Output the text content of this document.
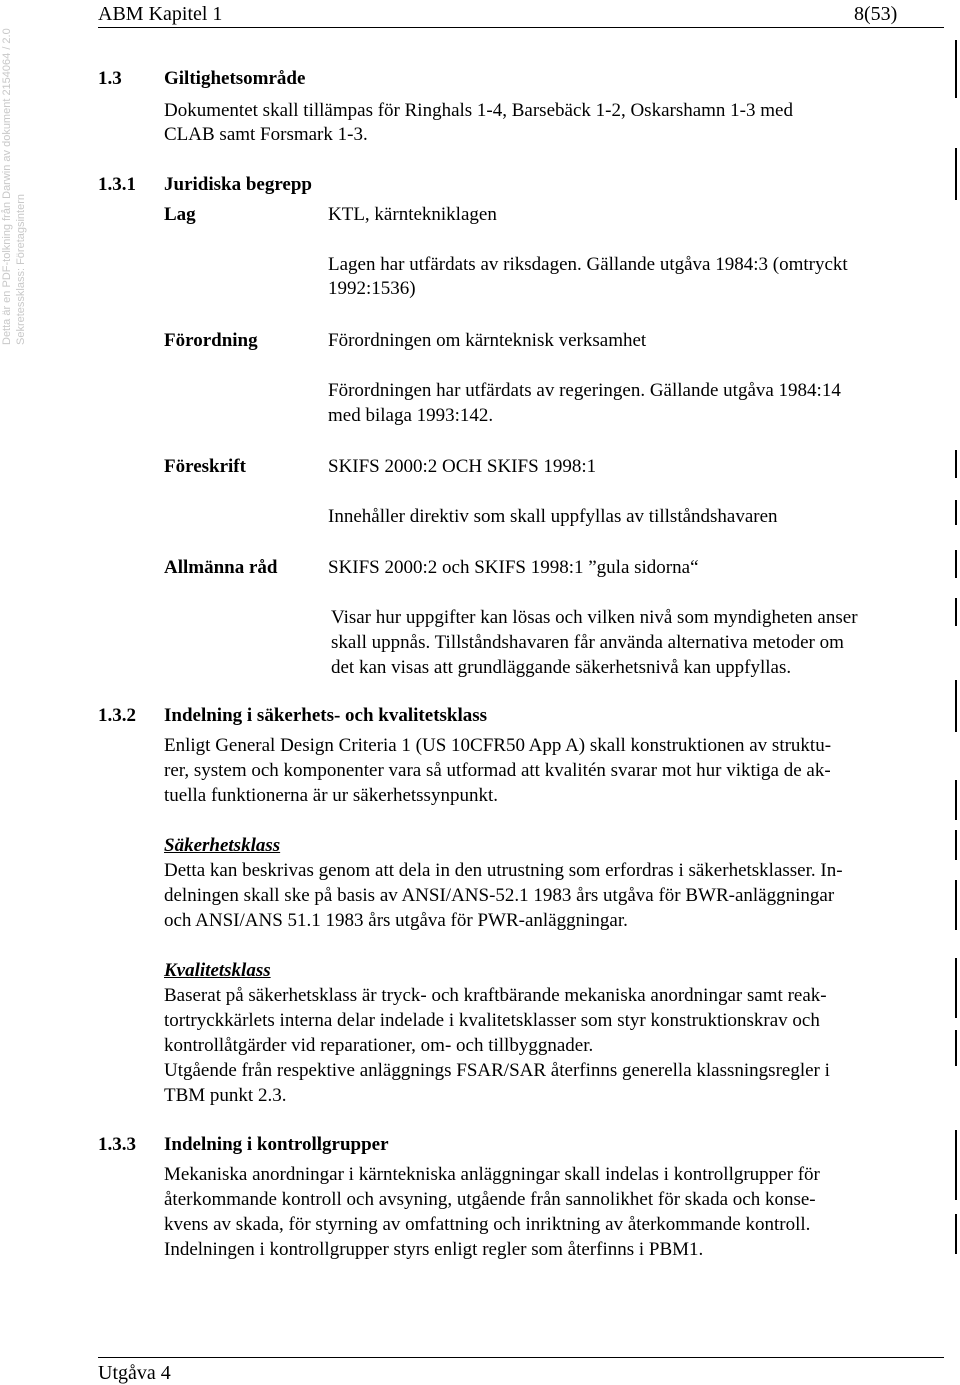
Detta är en PDF-tolkning från Darwin av dokument 2154064 / 2.0 Sekretessklass: Företagsintern
ABM Kapitel 1	8(53)
1.3 Giltighetsområde
Dokumentet skall tillämpas för Ringhals 1-4, Barsebäck 1-2, Oskarshamn 1-3 med
CLAB samt Forsmark 1-3.
1.3.1 Juridiska begrepp
Lag	KTL, kärntekniklagen
Lagen har utfärdats av riksdagen. Gällande utgåva 1984:3 (omtryckt
1992:1536)
Förordning	Förordningen om kärnteknisk verksamhet
Förordningen har utfärdats av regeringen. Gällande utgåva 1984:14
med bilaga 1993:142.
Föreskrift	SKIFS 2000:2 OCH SKIFS 1998:1
Innehåller direktiv som skall uppfyllas av tillståndshavaren
Allmänna råd	SKIFS 2000:2 och SKIFS 1998:1 ”gula sidorna“
Visar hur uppgifter kan lösas och vilken nivå som myndigheten anser
skall uppnås. Tillståndshavaren får använda alternativa metoder om
det kan visas att grundläggande säkerhetsnivå kan uppfyllas.
1.3.2 Indelning i säkerhets- och kvalitetsklass
Enligt General Design Criteria 1 (US 10CFR50 App A) skall konstruktionen av struktu-
rer, system och komponenter vara så utformad att kvalitén svarar mot hur viktiga de ak-
tuella funktionerna är ur säkerhetssynpunkt.
Säkerhetsklass
Detta kan beskrivas genom att dela in den utrustning som erfordras i säkerhetsklasser. In-
delningen skall ske på basis av ANSI/ANS-52.1 1983 års utgåva för BWR-anläggningar
och ANSI/ANS 51.1 1983 års utgåva för PWR-anläggningar.
Kvalitetsklass
Baserat på säkerhetsklass är tryck- och kraftbärande mekaniska anordningar samt reak-
tortryckkärlets interna delar indelade i kvalitetsklasser som styr konstruktionskrav och
kontrollåtgärder vid reparationer, om- och tillbyggnader.
Utgående från respektive anläggnings FSAR/SAR återfinns generella klassningsregler i
TBM punkt 2.3.
1.3.3 Indelning i kontrollgrupper
Mekaniska anordningar i kärntekniska anläggningar skall indelas i kontrollgrupper för
återkommande kontroll och avsyning, utgående från sannolikhet för skada och konse-
kvens av skada, för styrning av omfattning och inriktning av återkommande kontroll.
Indelningen i kontrollgrupper styrs enligt regler som återfinns i PBM1.
Utgåva 4
